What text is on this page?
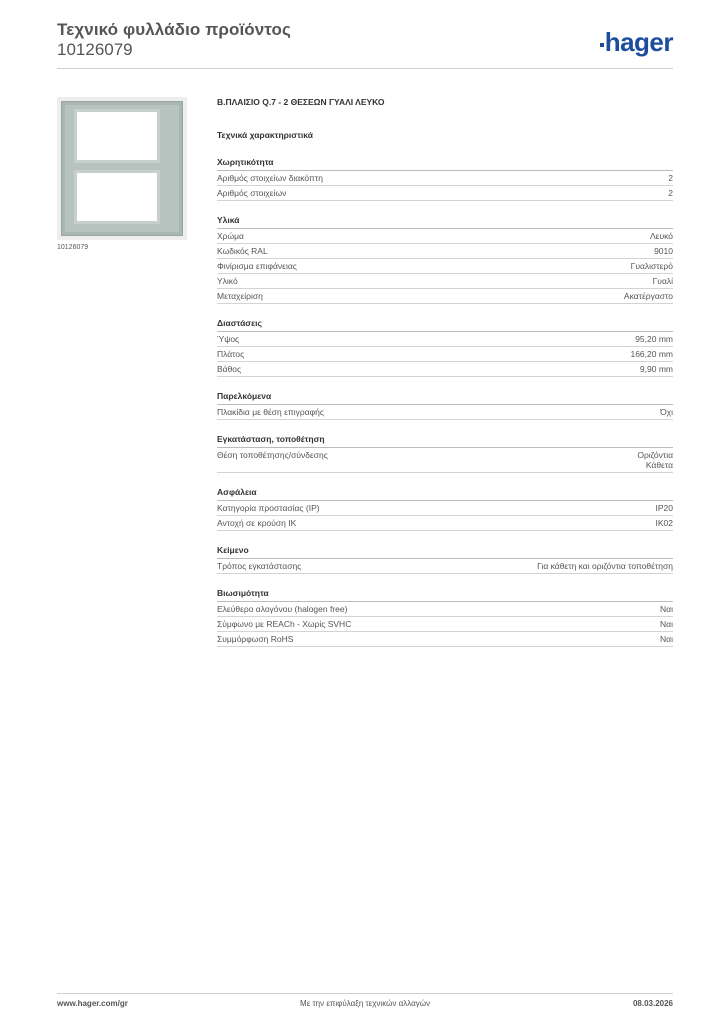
Τεχνικό φυλλάδιο προϊόντος
10126079	hager
10126079
Β.ΠΛΑΙΣΙΟ Q.7 - 2 ΘΕΣΕΩΝ ΓΥΑΛΙ ΛΕΥΚΟ
Τεχνικά χαρακτηριστικά
Χωρητικότητα
Αριθμός στοιχείων διακόπτη	2
Αριθμός στοιχείων	2
Υλικά
Χρώμα	Λευκό
Κωδικός RAL	9010
Φινίρισμα επιφάνειας	Γυαλιστερό
Υλικό	Γυαλί
Μεταχείριση	Ακατέργαστο
Διαστάσεις
Ύψος	95,20 mm
Πλάτος	166,20 mm
Βάθος	9,90 mm
Παρελκόμενα
Πλακίδια με θέση επιγραφής	Όχι
Εγκατάσταση, τοποθέτηση
Θέση τοποθέτησης/σύνδεσης	Οριζόντια
Κάθετα
Ασφάλεια
Κατηγορία προστασίας (IP)	IP20
Αντοχή σε κρούση IK	IK02
Κείμενο
Τρόπος εγκατάστασης	Για κάθετη και οριζόντια τοποθέτηση
Βιωσιμότητα
Ελεύθερο αλογόνου (halogen free)	Ναι
Σύμφωνο με REACh - Χωρίς SVHC	Ναι
Συμμόρφωση RoHS	Ναι
www.hager.com/gr	Με την επιφύλαξη τεχνικών αλλαγών	08.03.2026
